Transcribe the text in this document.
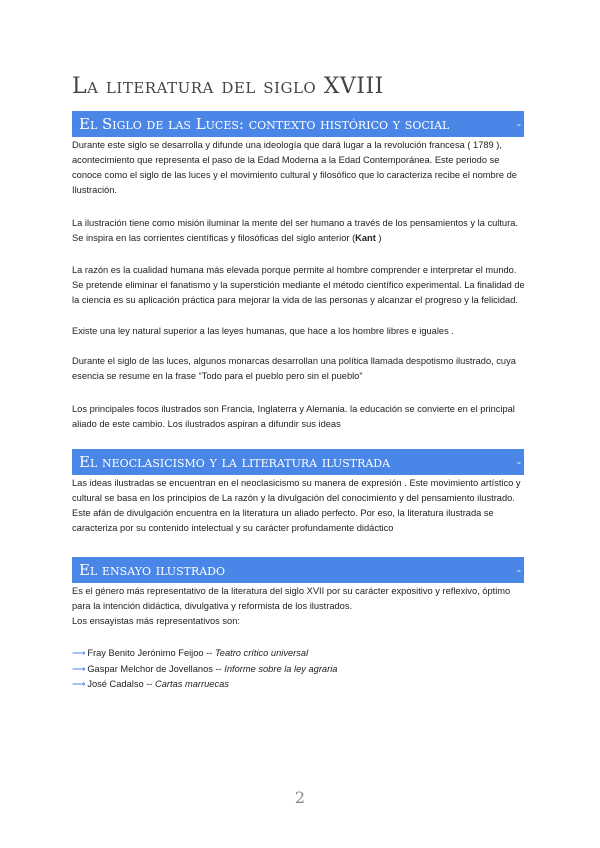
La literatura del siglo XVIII
El Siglo de las Luces: contexto histórico y social	-

Durante este siglo se desarrolla y difunde una ideología que dará lugar a la revolución francesa ( 1789 ), acontecimiento que representa el paso de la Edad Moderna a la Edad Contemporánea. Este periodo se conoce como el siglo de las luces y el movimiento cultural y filosófico que lo caracteriza recibe el nombre de Ilustración.

La ilustración tiene como misión iluminar la mente del ser humano a través de los pensamientos y la cultura. Se inspira en las corrientes científicas y filosóficas del siglo anterior (Kant )

La razón es la cualidad humana más elevada porque permite al hombre comprender e interpretar el mundo. Se pretende eliminar el fanatismo y la superstición mediante el método científico experimental. La finalidad de la ciencia es su aplicación práctica para mejorar la vida de las personas y alcanzar el progreso y la felicidad.

Existe una ley natural superior a las leyes humanas, que hace a los hombre libres e iguales .

Durante el siglo de las luces, algunos monarcas desarrollan una política llamada despotismo ilustrado, cuya esencia se resume en la frase “Todo para el pueblo pero sin el pueblo”

Los principales focos ilustrados son Francia, Inglaterra y Alemania. la educación se convierte en el principal aliado de este cambio. Los ilustrados aspiran a difundir sus ideas

El neoclasicismo y la literatura ilustrada	-

Las ideas ilustradas se encuentran en el neoclasicismo su manera de expresión . Este movimiento artístico y cultural se basa en los principios de La razón y la divulgación del conocimiento y del pensamiento ilustrado. Este afán de divulgación encuentra en la literatura un aliado perfecto. Por eso, la literatura ilustrada se caracteriza por su contenido intelectual y su carácter profundamente didáctico

El ensayo ilustrado	-

Es el género más representativo de la literatura del siglo XVII por su carácter expositivo y reflexivo, óptimo para la intención didáctica, divulgativa y reformista de los ilustrados.

Los ensayistas más representativos son:

⟶ Fray Benito Jerónimo Feijoo -- Teatro crítico universal
⟶ Gaspar Melchor de Jovellanos -- Informe sobre la ley agraria
⟶ José Cadalso -- Cartas marruecas
2
